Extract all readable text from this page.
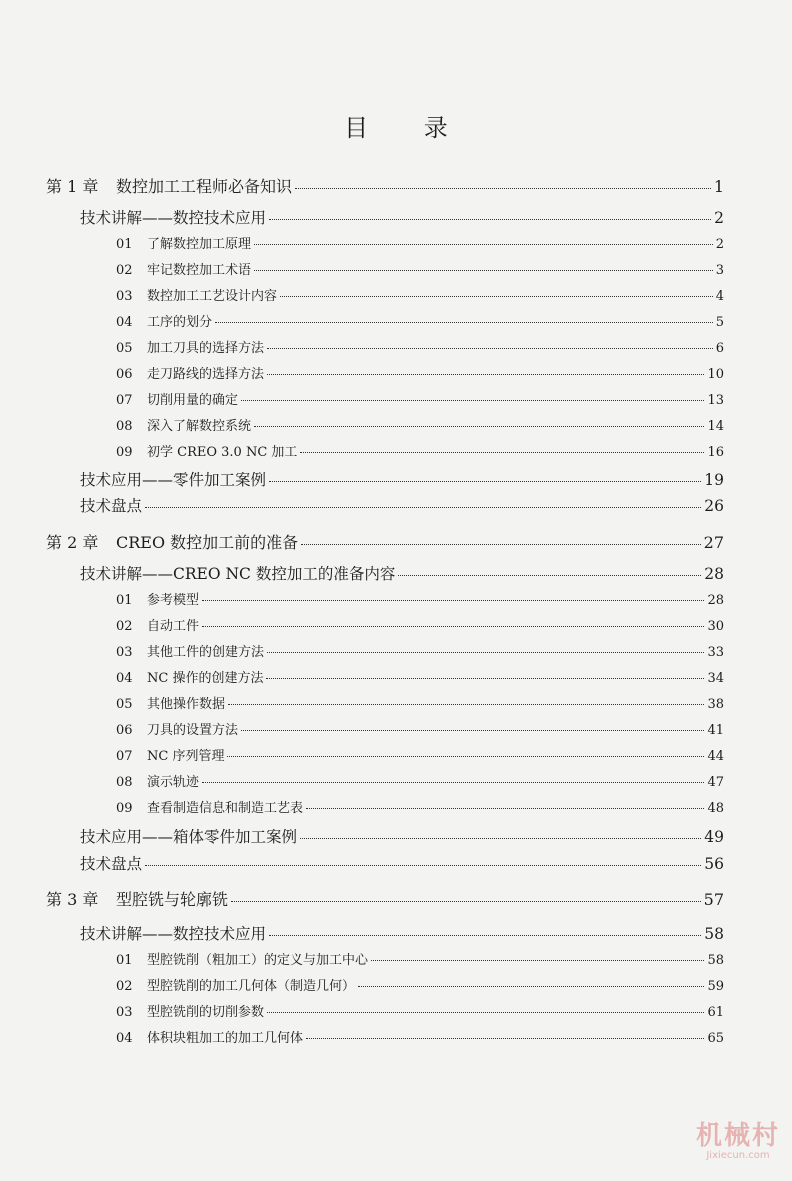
目 录
第 1 章 数控加工工程师必备知识	1
技术讲解——数控技术应用	2
01 了解数控加工原理	2
02 牢记数控加工术语	3
03 数控加工工艺设计内容	4
04 工序的划分	5
05 加工刀具的选择方法	6
06 走刀路线的选择方法	10
07 切削用量的确定	13
08 深入了解数控系统	14
09 初学 CREO 3.0 NC 加工	16
技术应用——零件加工案例	19
技术盘点	26
第 2 章 CREO 数控加工前的准备	27
技术讲解——CREO NC 数控加工的准备内容	28
01 参考模型	28
02 自动工件	30
03 其他工件的创建方法	33
04 NC 操作的创建方法	34
05 其他操作数据	38
06 刀具的设置方法	41
07 NC 序列管理	44
08 演示轨迹	47
09 查看制造信息和制造工艺表	48
技术应用——箱体零件加工案例	49
技术盘点	56
第 3 章 型腔铣与轮廓铣	57
技术讲解——数控技术应用	58
01 型腔铣削（粗加工）的定义与加工中心	58
02 型腔铣削的加工几何体（制造几何）	59
03 型腔铣削的切削参数	61
04 体积块粗加工的加工几何体	65
机械村
Jixiecun.com
